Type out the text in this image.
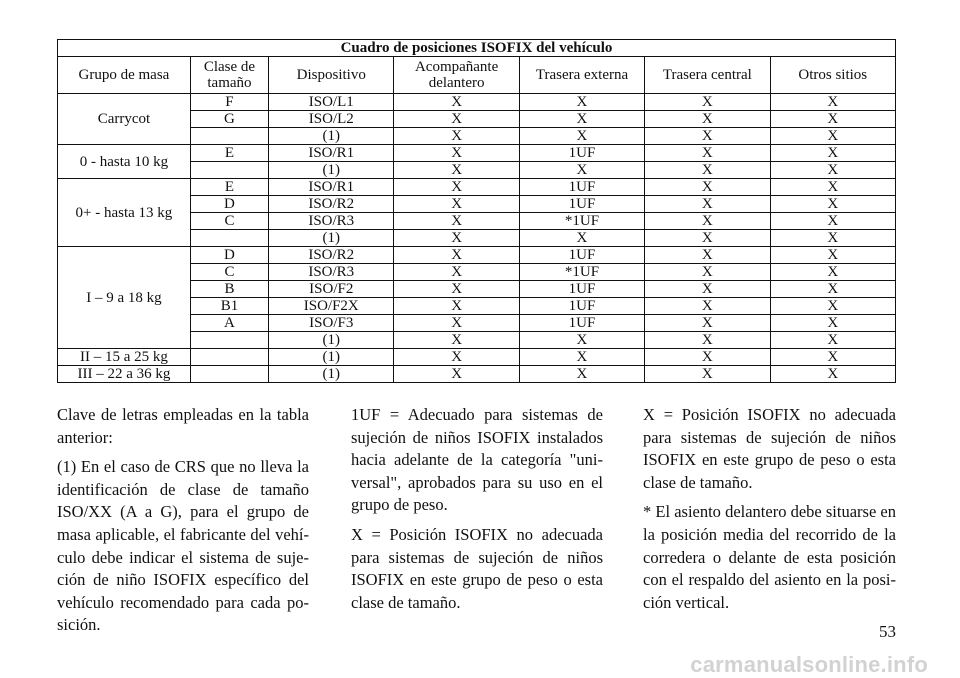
Cuadro de posiciones ISOFIX del vehículo						
Grupo de masa	Clase de tamaño	Dispositivo	Acompañante delantero	Trasera externa	Trasera central	Otros sitios
Carrycot	F	ISO/L1	X	X	X	X
	G	ISO/L2	X	X	X	X
		(1)	X	X	X	X
0 - hasta 10 kg	E	ISO/R1	X	1UF	X	X
		(1)	X	X	X	X
0+ - hasta 13 kg	E	ISO/R1	X	1UF	X	X
	D	ISO/R2	X	1UF	X	X
	C	ISO/R3	X	*1UF	X	X
		(1)	X	X	X	X
I – 9 a 18 kg	D	ISO/R2	X	1UF	X	X
	C	ISO/R3	X	*1UF	X	X
	B	ISO/F2	X	1UF	X	X
	B1	ISO/F2X	X	1UF	X	X
	A	ISO/F3	X	1UF	X	X
		(1)	X	X	X	X
II – 15 a 25 kg		(1)	X	X	X	X
III – 22 a 36 kg		(1)	X	X	X	X

Clave de letras empleadas en la tabla anterior:

(1) En el caso de CRS que no lleva la identificación de clase de tamaño ISO/XX (A a G), para el grupo de masa aplicable, el fabricante del vehí- culo debe indicar el sistema de suje- ción de niño ISOFIX específico del vehículo recomendado para cada po- sición.

1UF = Adecuado para sistemas de sujeción de niños ISOFIX instalados hacia adelante de la categoría "uni- versal", aprobados para su uso en el grupo de peso.

X = Posición ISOFIX no adecuada para sistemas de sujeción de niños ISOFIX en este grupo de peso o esta clase de tamaño.

X = Posición ISOFIX no adecuada para sistemas de sujeción de niños ISOFIX en este grupo de peso o esta clase de tamaño.

* El asiento delantero debe situarse en la posición media del recorrido de la corredera o delante de esta posición con el respaldo del asiento en la posi- ción vertical.

53
carmanualsonline.info
